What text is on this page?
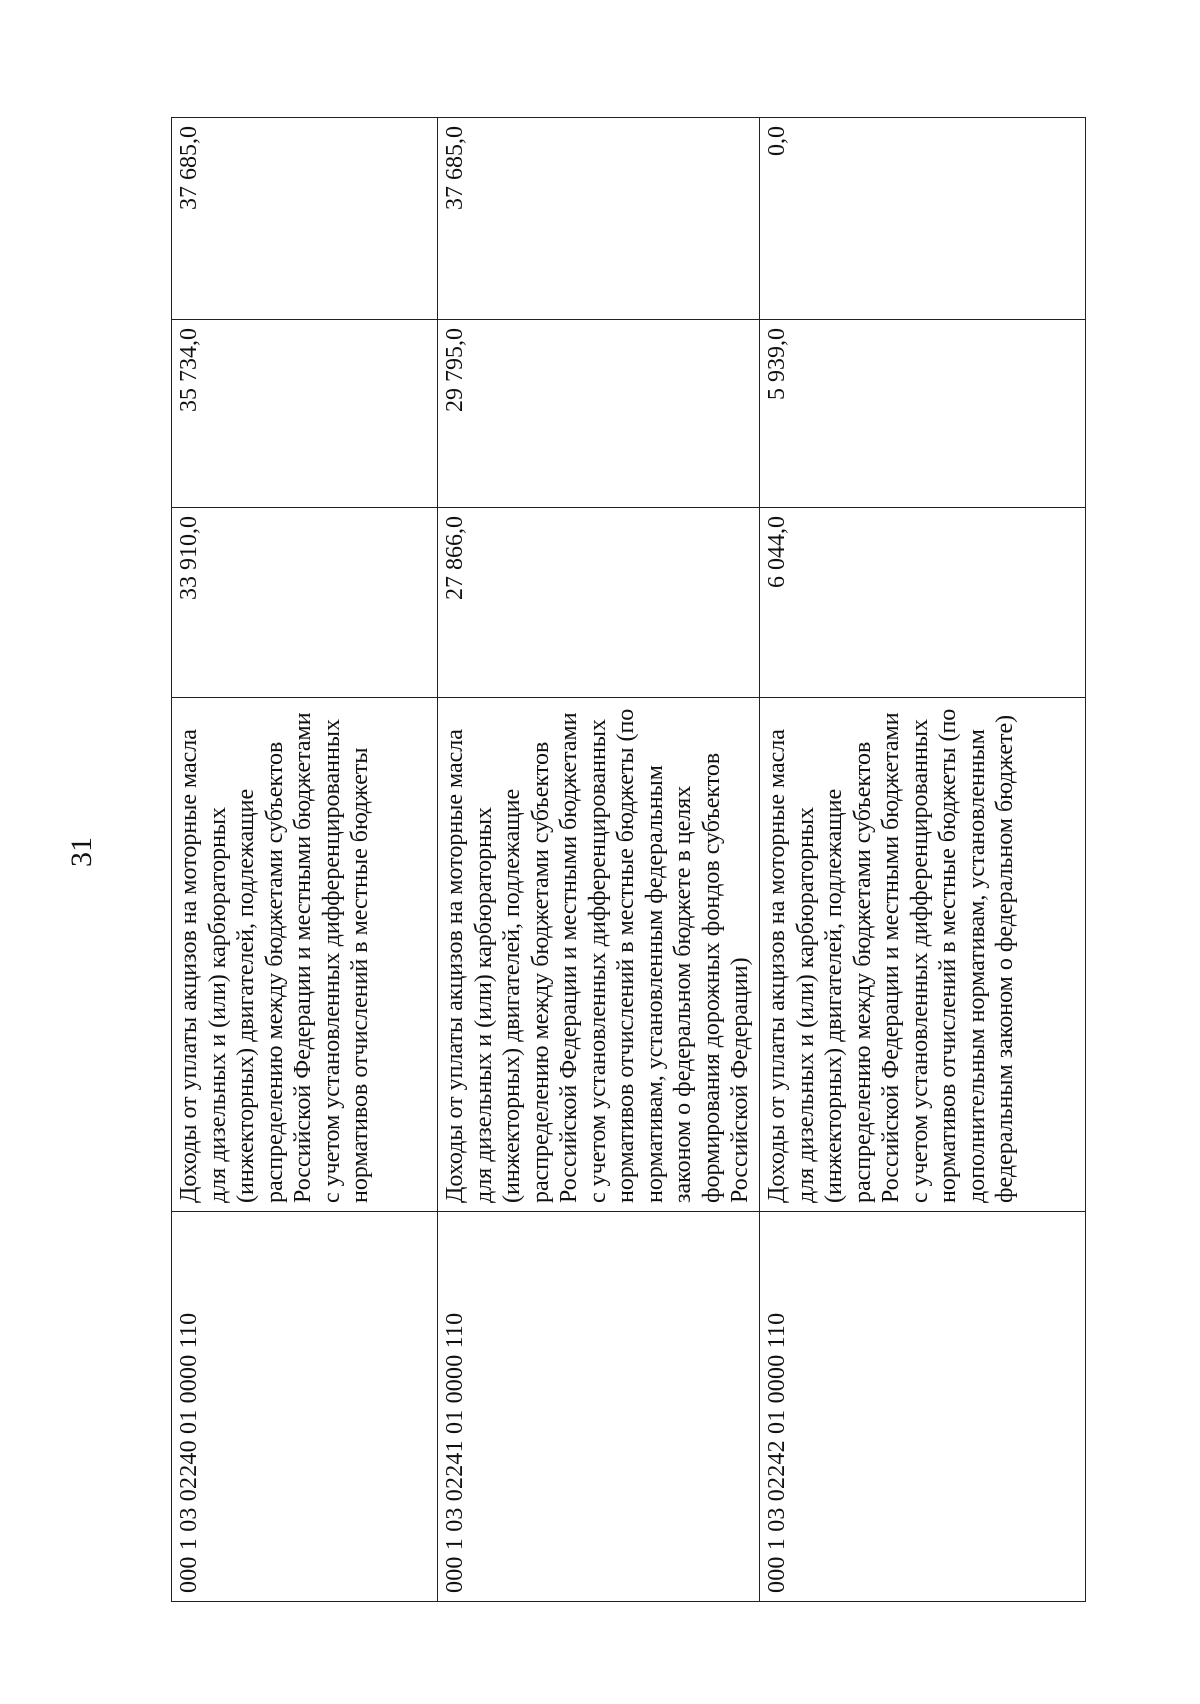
31
000 1 03 02240 01 0000 110	Доходы от уплаты акцизов на моторные масла для дизельных и (или) карбюраторных (инжекторных) двигателей, подлежащие распределению между бюджетами субъектов Российской Федерации и местными бюджетами с учетом установленных дифференцированных нормативов отчислений в местные бюджеты	33 910,0	35 734,0	37 685,0
000 1 03 02241 01 0000 110	Доходы от уплаты акцизов на моторные масла для дизельных и (или) карбюраторных (инжекторных) двигателей, подлежащие распределению между бюджетами субъектов Российской Федерации и местными бюджетами с учетом установленных дифференцированных нормативов отчислений в местные бюджеты (по нормативам, установленным федеральным законом о федеральном бюджете в целях формирования дорожных фондов субъектов Российской Федерации)	27 866,0	29 795,0	37 685,0
000 1 03 02242 01 0000 110	Доходы от уплаты акцизов на моторные масла для дизельных и (или) карбюраторных (инжекторных) двигателей, подлежащие распределению между бюджетами субъектов Российской Федерации и местными бюджетами с учетом установленных дифференцированных нормативов отчислений в местные бюджеты (по дополнительным нормативам, установленным федеральным законом о федеральном бюджете)	6 044,0	5 939,0	0,0
